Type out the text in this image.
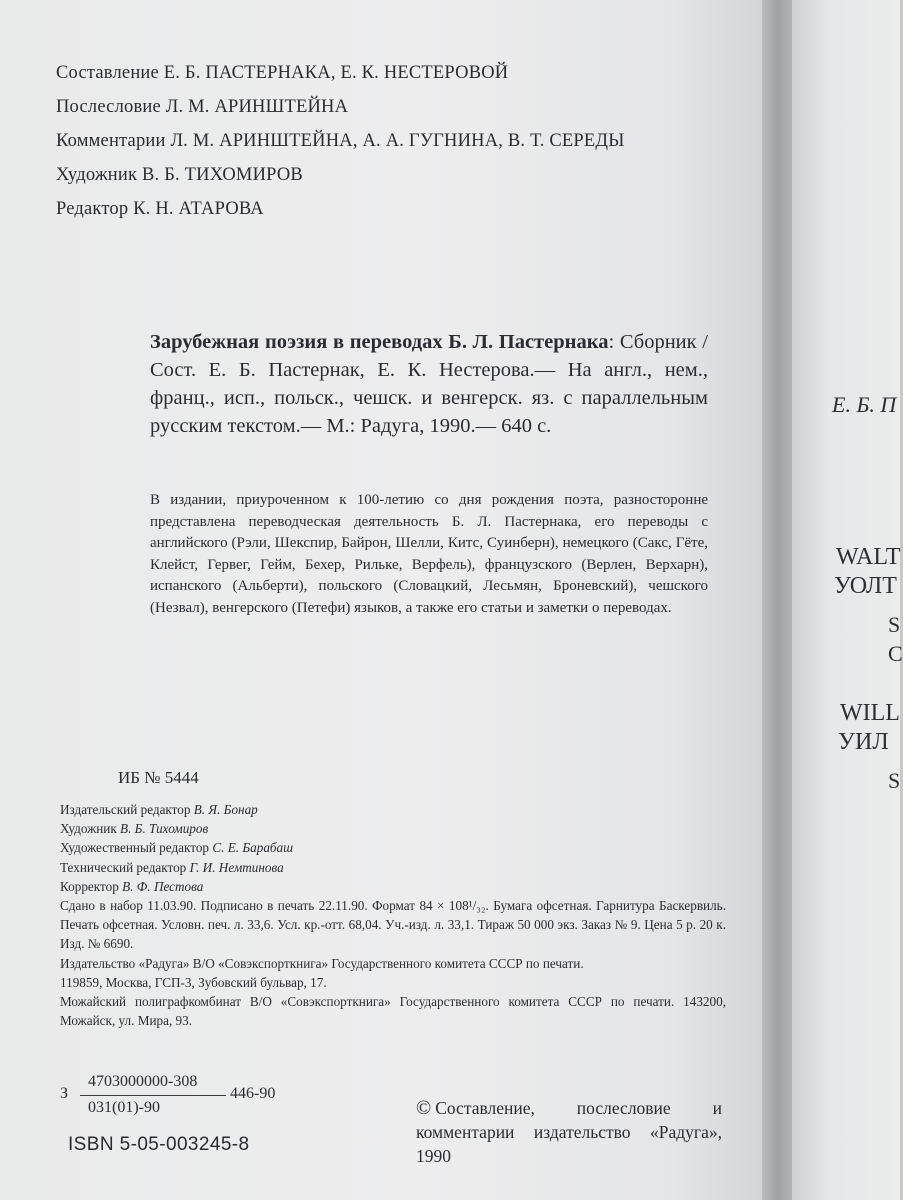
Составление Е. Б. ПАСТЕРНАКА, Е. К. НЕСТЕРОВОЙ
Послесловие Л. М. АРИНШТЕЙНА
Комментарии Л. М. АРИНШТЕЙНА, А. А. ГУГНИНА, В. Т. СЕРЕДЫ
Художник В. Б. ТИХОМИРОВ
Редактор К. Н. АТАРОВА
Зарубежная поэзия в переводах Б. Л. Пастернака: Сборник / Сост. Е. Б. Пастернак, Е. К. Нестерова.— На англ., нем., франц., исп., польск., чешск. и венгерск. яз. с параллельным русским текстом.— М.: Радуга, 1990.— 640 с.
В издании, приуроченном к 100-летию со дня рождения поэта, разносторонне представлена переводческая деятельность Б. Л. Пастернака, его переводы с английского (Рэли, Шекспир, Байрон, Шелли, Китс, Суинберн), немецкого (Сакс, Гёте, Клейст, Гервег, Гейм, Бехер, Рильке, Верфель), французского (Верлен, Верхарн), испанского (Альберти), польского (Словацкий, Лесьмян, Броневский), чешского (Незвал), венгерского (Петефи) языков, а также его статьи и заметки о переводах.
ИБ № 5444
Издательский редактор В. Я. Бонар
Художник В. Б. Тихомиров
Художественный редактор С. Е. Барабаш
Технический редактор Г. И. Немтинова
Корректор В. Ф. Пестова
Сдано в набор 11.03.90. Подписано в печать 22.11.90. Формат 84 × 108¹/₃₂. Бумага офсетная. Гарнитура Баскервиль. Печать офсетная. Условн. печ. л. 33,6. Усл. кр.-отт. 68,04. Уч.-изд. л. 33,1. Тираж 50 000 экз. Заказ № 9. Цена 5 р. 20 к. Изд. № 6690.
Издательство «Радуга» В/О «Совэкспорткнига» Государственного комитета СССР по печати.
119859, Москва, ГСП-3, Зубовский бульвар, 17.
Можайский полиграфкомбинат В/О «Совэкспорткнига» Государственного комитета СССР по печати. 143200, Можайск, ул. Мира, 93.
З
4703000000-308
031(01)-90
446-90
ISBN 5-05-003245-8
© Составление, послесловие и комментарии издательство «Радуга», 1990
Е. Б. П
WALT
УОЛТ
S
С
WILL
УИЛ
S
